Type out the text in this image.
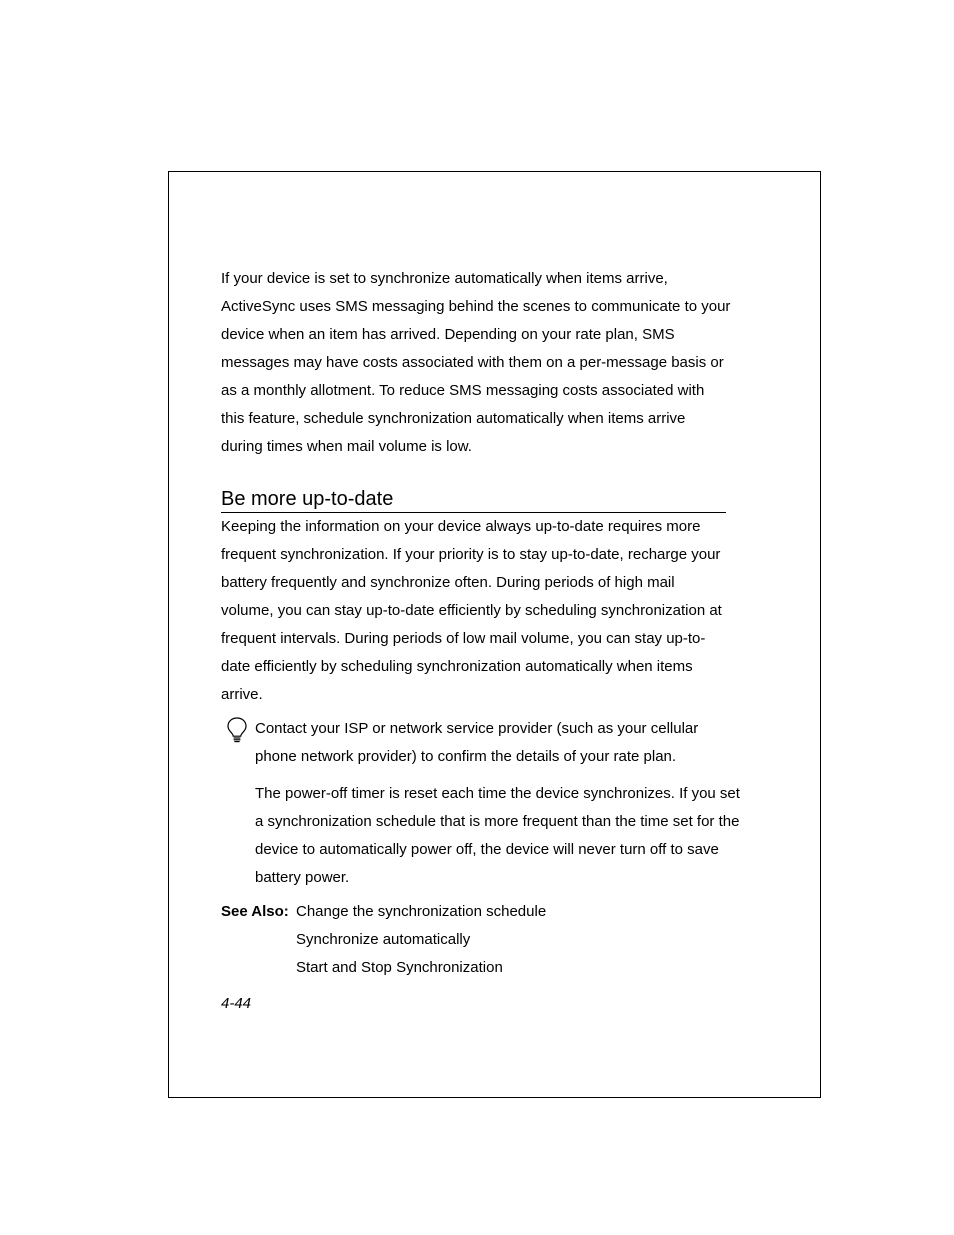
If your device is set to synchronize automatically when items arrive, ActiveSync uses SMS messaging behind the scenes to communicate to your device when an item has arrived. Depending on your rate plan, SMS messages may have costs associated with them on a per-message basis or as a monthly allotment. To reduce SMS messaging costs associated with this feature, schedule synchronization automatically when items arrive during times when mail volume is low.

Be more up-to-date

Keeping the information on your device always up-to-date requires more frequent synchronization. If your priority is to stay up-to-date, recharge your battery frequently and synchronize often. During periods of high mail volume, you can stay up-to-date efficiently by scheduling synchronization at frequent intervals. During periods of low mail volume, you can stay up-to-date efficiently by scheduling synchronization automatically when items arrive.

Contact your ISP or network service provider (such as your cellular phone network provider) to confirm the details of your rate plan.

The power-off timer is reset each time the device synchronizes. If you set a synchronization schedule that is more frequent than the time set for the device to automatically power off, the device will never turn off to save battery power.

See Also: Change the synchronization schedule
Synchronize automatically
Start and Stop Synchronization
4-44
